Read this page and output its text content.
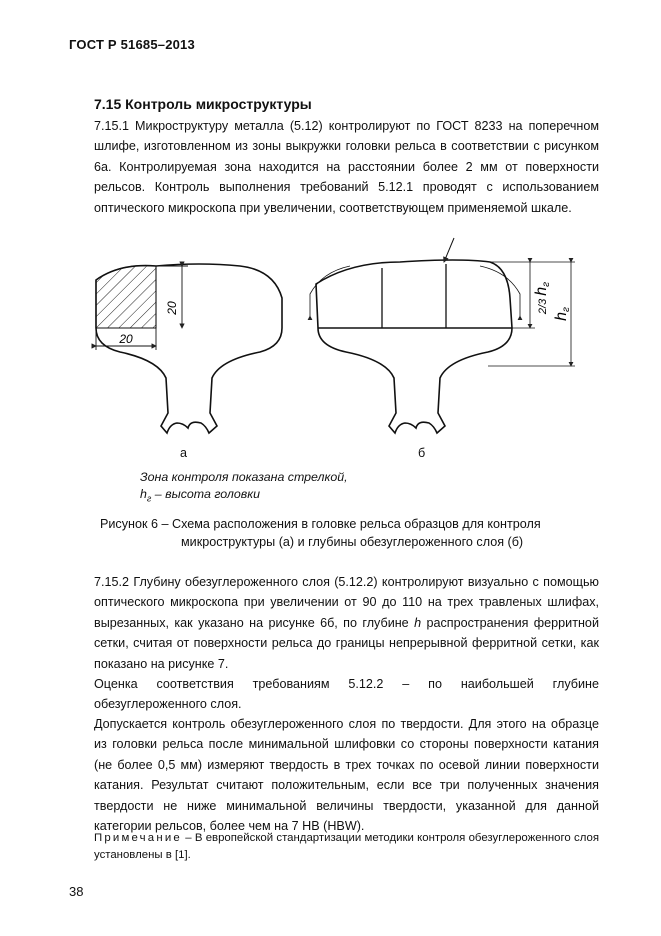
ГОСТ Р 51685–2013
7.15 Контроль микроструктуры
7.15.1 Микроструктуру металла (5.12) контролируют по ГОСТ 8233 на поперечном шлифе, изготовленном из зоны выкружки головки рельса в соответствии с рисунком 6а. Контролируемая зона находится на расстоянии более 2 мм от поверхности рельсов. Контроль выполнения требований 5.12.1 проводят с использованием оптического микроскопа при увеличении, соответствующем применяемой шкале.
20
20
2/3hг
hг
а	б
Зона контроля показана стрелкой,
$h_г$ – высота головки
Рисунок 6 – Схема расположения в головке рельса образцов для контроля
микроструктуры (а) и глубины обезуглероженного слоя (б)
7.15.2 Глубину обезуглероженного слоя (5.12.2) контролируют визуально с помощью оптического микроскопа при увеличении от 90 до 110 на трех травленых шлифах, вырезанных, как указано на рисунке 6б, по глубине h распространения ферритной сетки, считая от поверхности рельса до границы непрерывной ферритной сетки, как показано на рисунке 7.
Оценка соответствия требованиям 5.12.2 – по наибольшей глубине обезуглероженного слоя.
Допускается контроль обезуглероженного слоя по твердости. Для этого на образце из головки рельса после минимальной шлифовки со стороны поверхности катания (не более 0,5 мм) измеряют твердость в трех точках по осевой линии поверхности катания. Результат считают положительным, если все три полученных значения твердости не ниже минимальной величины твердости, указанной для данной категории рельсов, более чем на 7 НВ (HBW).
Примечание – В европейской стандартизации методики контроля обезуглероженного слоя установлены в [1].
38
